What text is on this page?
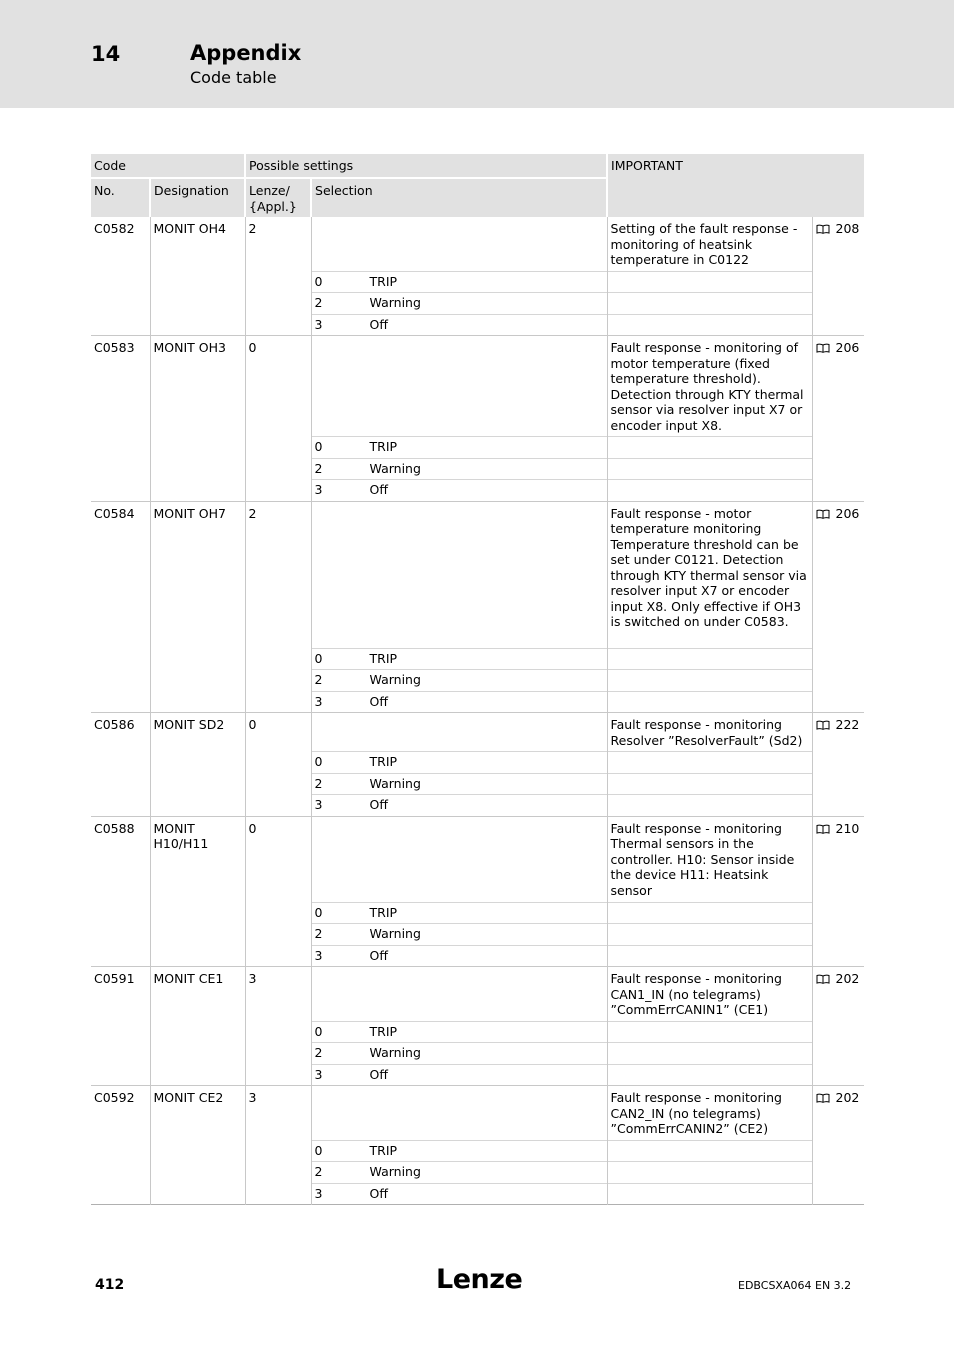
14	Appendix
Code table
Code		Possible settings		IMPORTANT	
No.	Designation	Lenze/ {Appl.}	Selection		
C0582	MONIT OH4	2		Setting of the fault response - monitoring of heatsink temperature in C0122	208
			0 TRIP		
			2 Warning		
			3 Off		
C0583	MONIT OH3	0		Fault response - monitoring of motor temperature (fixed temperature threshold). Detection through KTY thermal sensor via resolver input X7 or encoder input X8.	206
			0 TRIP		
			2 Warning		
			3 Off		
C0584	MONIT OH7	2		Fault response - motor temperature monitoring Temperature threshold can be set under C0121. Detection through KTY thermal sensor via resolver input X7 or encoder input X8. Only effective if OH3 is switched on under C0583.	206
			0 TRIP		
			2 Warning		
			3 Off		
C0586	MONIT SD2	0		Fault response - monitoring Resolver ”ResolverFault” (Sd2)	222
			0 TRIP		
			2 Warning		
			3 Off		
C0588	MONIT H10/H11	0		Fault response - monitoring Thermal sensors in the controller. H10: Sensor inside the device H11: Heatsink sensor	210
			0 TRIP		
			2 Warning		
			3 Off		
C0591	MONIT CE1	3		Fault response - monitoring CAN1_IN (no telegrams) ”CommErrCANIN1” (CE1)	202
			0 TRIP		
			2 Warning		
			3 Off		
C0592	MONIT CE2	3		Fault response - monitoring CAN2_IN (no telegrams) ”CommErrCANIN2” (CE2)	202
			0 TRIP		
			2 Warning		
			3 Off		
412	Lenze	EDBCSXA064 EN 3.2
